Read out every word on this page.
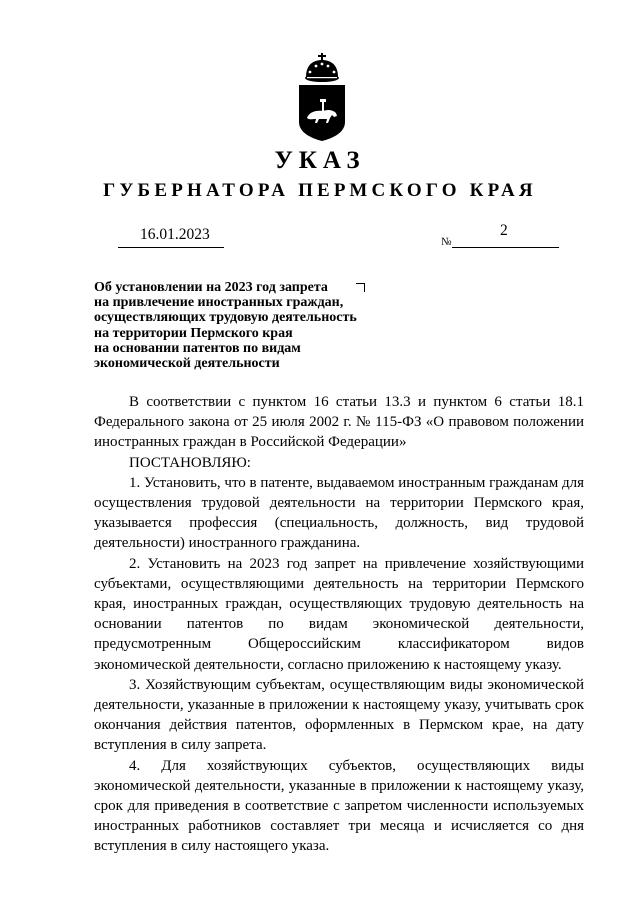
УКАЗ
ГУБЕРНАТОРА ПЕРМСКОГО КРАЯ
16.01.2023	№
2
Об установлении на 2023 год запрета
на привлечение иностранных граждан,
осуществляющих трудовую деятельность
на территории Пермского края
на основании патентов по видам
экономической деятельности

В соответствии с пунктом 16 статьи 13.3 и пунктом 6 статьи 18.1 Федерального закона от 25 июля 2002 г. № 115-ФЗ «О правовом положении иностранных граждан в Российской Федерации»

ПОСТАНОВЛЯЮ:

1. Установить, что в патенте, выдаваемом иностранным гражданам для осуществления трудовой деятельности на территории Пермского края, указывается профессия (специальность, должность, вид трудовой деятельности) иностранного гражданина.

2. Установить на 2023 год запрет на привлечение хозяйствующими субъектами, осуществляющими деятельность на территории Пермского края, иностранных граждан, осуществляющих трудовую деятельность на основании патентов по видам экономической деятельности, предусмотренным Общероссийским классификатором видов экономической деятельности, согласно приложению к настоящему указу.

3. Хозяйствующим субъектам, осуществляющим виды экономической деятельности, указанные в приложении к настоящему указу, учитывать срок окончания действия патентов, оформленных в Пермском крае, на дату вступления в силу запрета.

4. Для хозяйствующих субъектов, осуществляющих виды экономической деятельности, указанные в приложении к настоящему указу, срок для приведения в соответствие с запретом численности используемых иностранных работников составляет три месяца и исчисляется со дня вступления в силу настоящего указа.
